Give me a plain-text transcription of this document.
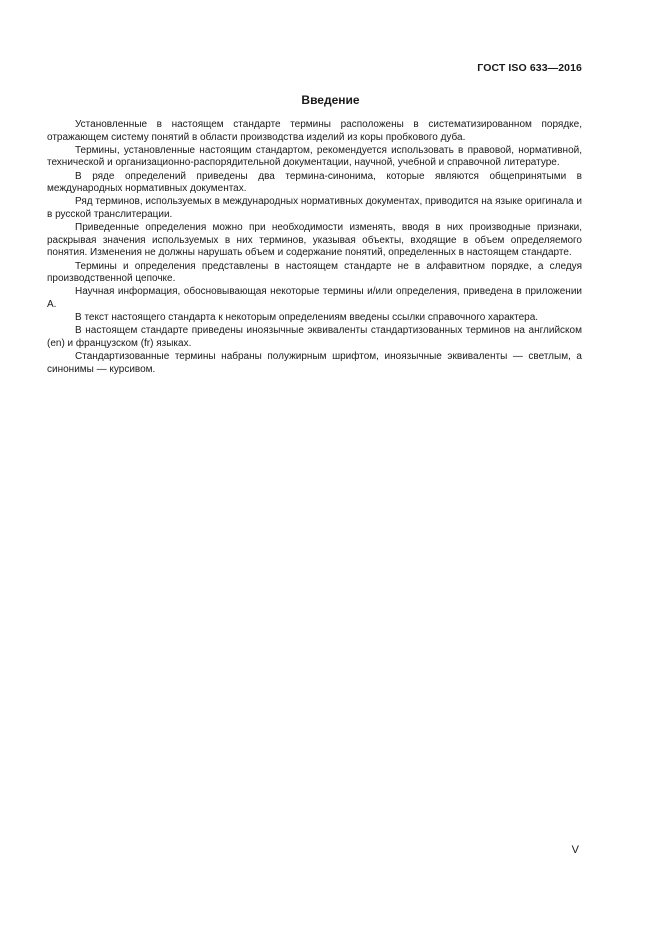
ГОСТ ISO 633—2016
Введение

Установленные в настоящем стандарте термины расположены в систематизированном порядке, отражающем систему понятий в области производства изделий из коры пробкового дуба.

Термины, установленные настоящим стандартом, рекомендуется использовать в правовой, нормативной, технической и организационно-распорядительной документации, научной, учебной и справочной литературе.

В ряде определений приведены два термина-синонима, которые являются общепринятыми в международных нормативных документах.

Ряд терминов, используемых в международных нормативных документах, приводится на языке оригинала и в русской транслитерации.

Приведенные определения можно при необходимости изменять, вводя в них производные признаки, раскрывая значения используемых в них терминов, указывая объекты, входящие в объем определяемого понятия. Изменения не должны нарушать объем и содержание понятий, определенных в настоящем стандарте.

Термины и определения представлены в настоящем стандарте не в алфавитном порядке, а следуя производственной цепочке.

Научная информация, обосновывающая некоторые термины и/или определения, приведена в приложении А.

В текст настоящего стандарта к некоторым определениям введены ссылки справочного характера.

В настоящем стандарте приведены иноязычные эквиваленты стандартизованных терминов на английском (en) и французском (fr) языках.

Стандартизованные термины набраны полужирным шрифтом, иноязычные эквиваленты — светлым, а синонимы — курсивом.

V
